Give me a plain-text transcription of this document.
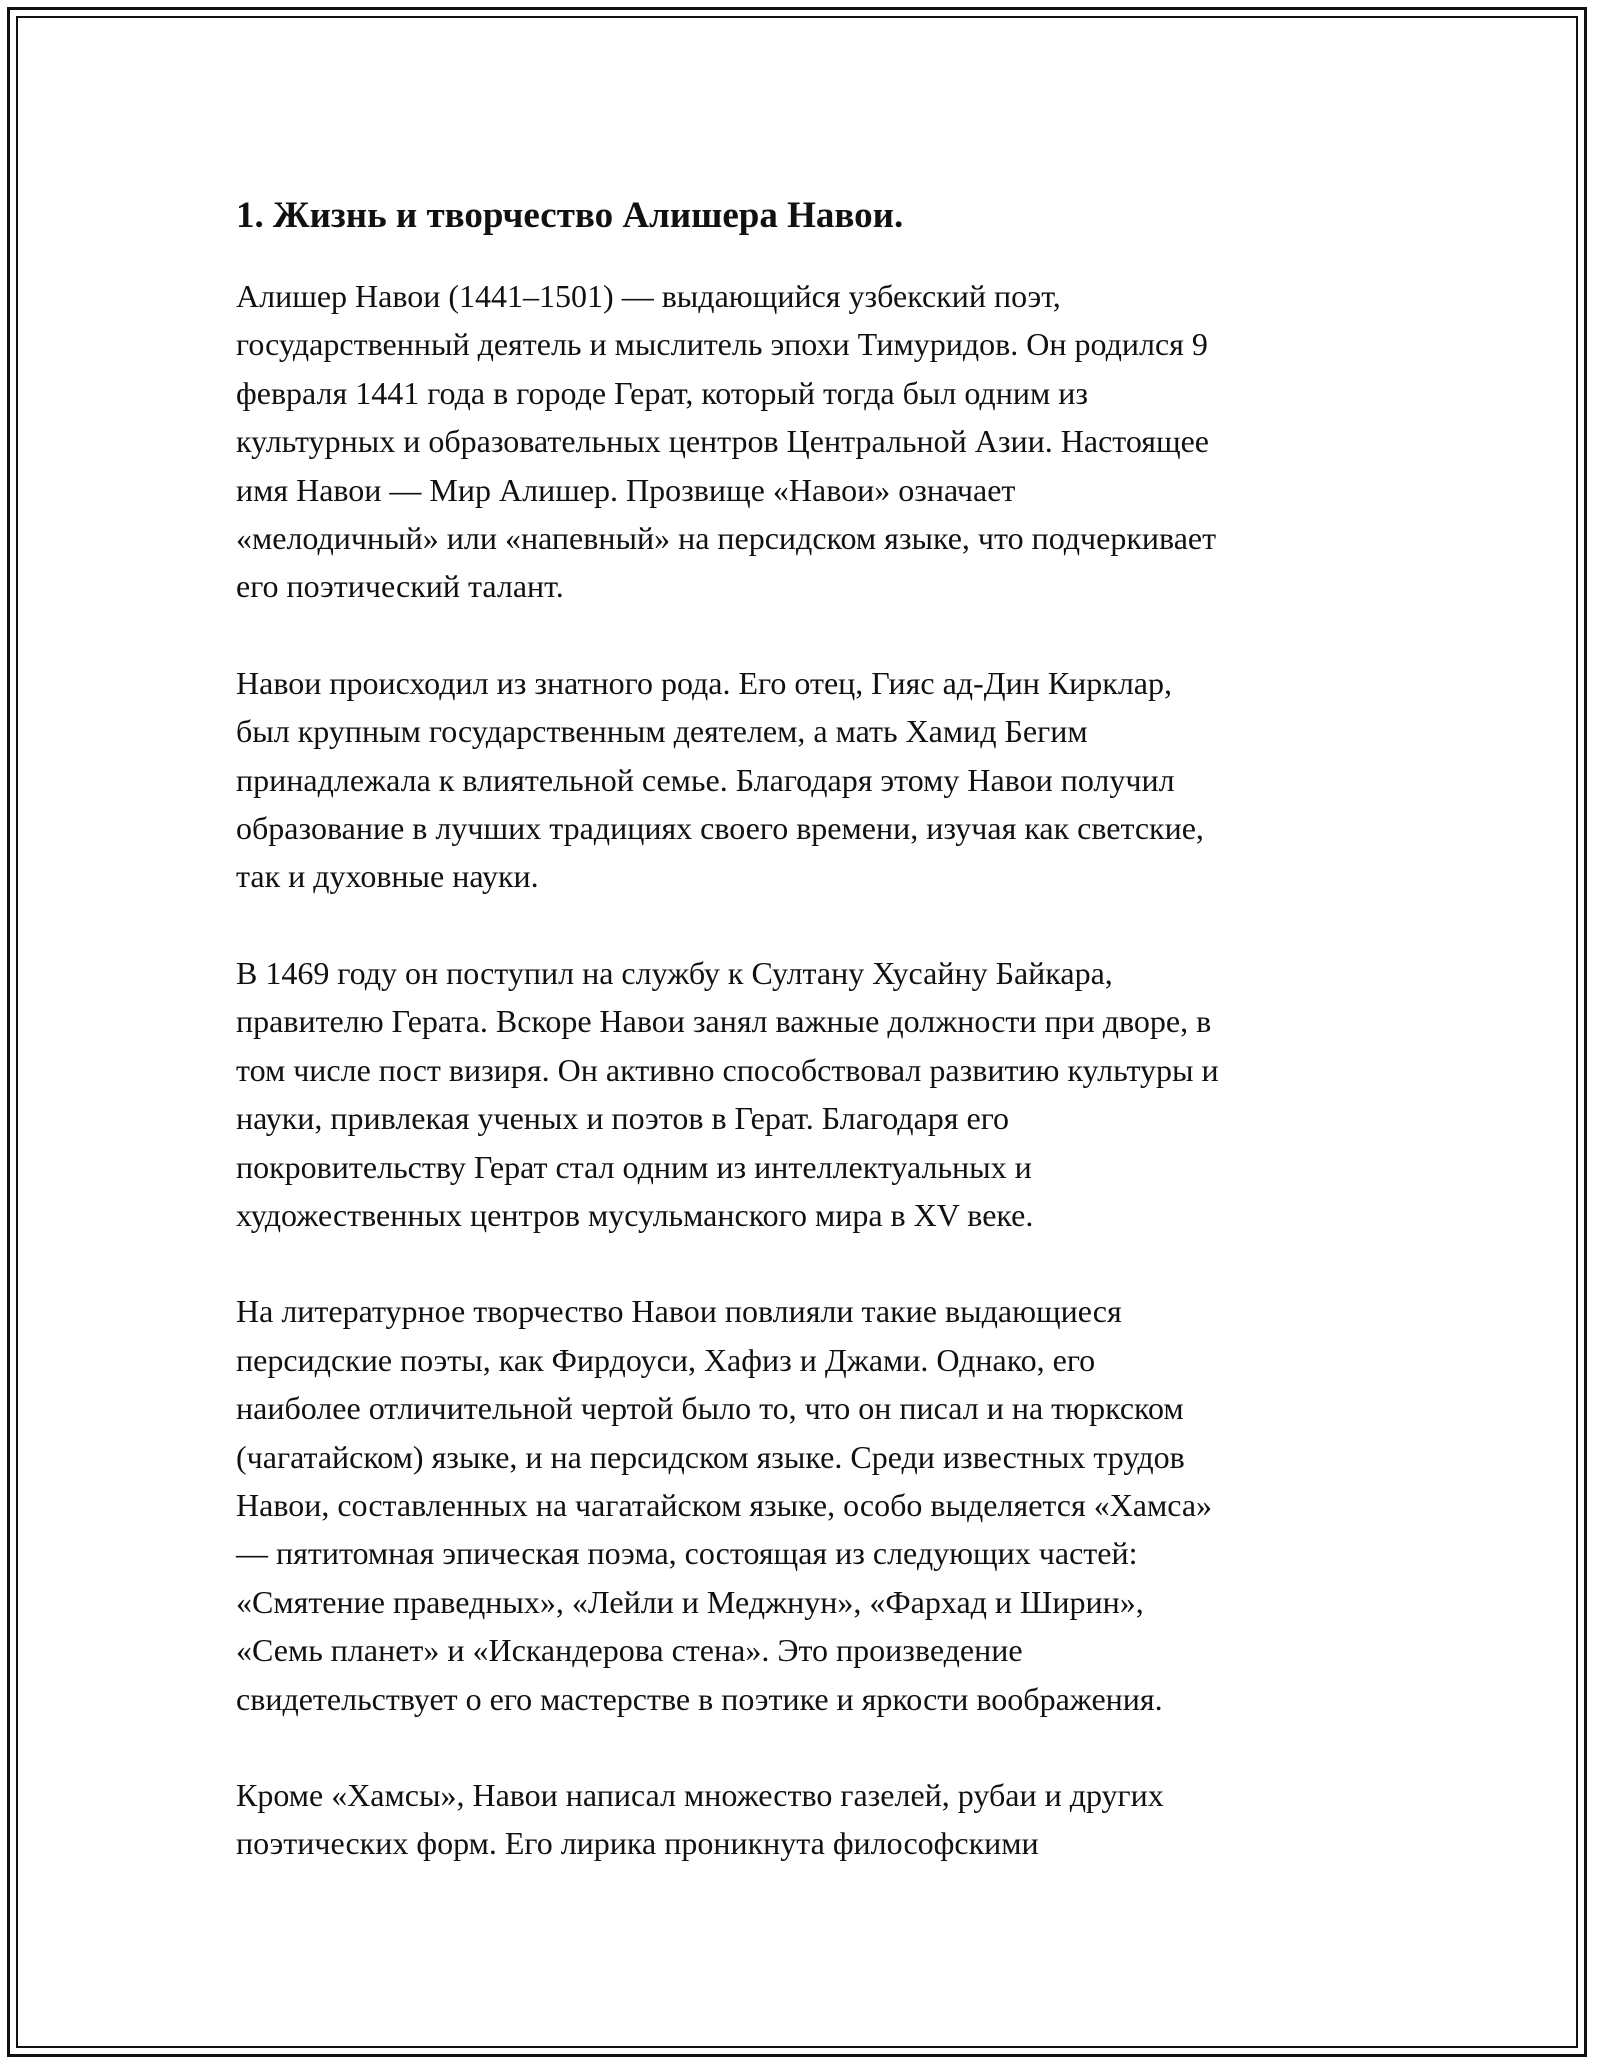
1. Жизнь и творчество Алишера Навои.

Алишер Навои (1441–1501) — выдающийся узбекский поэт,
государственный деятель и мыслитель эпохи Тимуридов. Он родился 9
февраля 1441 года в городе Герат, который тогда был одним из
культурных и образовательных центров Центральной Азии. Настоящее
имя Навои — Мир Алишер. Прозвище «Навои» означает
«мелодичный» или «напевный» на персидском языке, что подчеркивает
его поэтический талант.

Навои происходил из знатного рода. Его отец, Гияс ад-Дин Кирклар,
был крупным государственным деятелем, а мать Хамид Бегим
принадлежала к влиятельной семье. Благодаря этому Навои получил
образование в лучших традициях своего времени, изучая как светские,
так и духовные науки.

В 1469 году он поступил на службу к Султану Хусайну Байкара,
правителю Герата. Вскоре Навои занял важные должности при дворе, в
том числе пост визиря. Он активно способствовал развитию культуры и
науки, привлекая ученых и поэтов в Герат. Благодаря его
покровительству Герат стал одним из интеллектуальных и
художественных центров мусульманского мира в XV веке.

На литературное творчество Навои повлияли такие выдающиеся
персидские поэты, как Фирдоуси, Хафиз и Джами. Однако, его
наиболее отличительной чертой было то, что он писал и на тюркском
(чагатайском) языке, и на персидском языке. Среди известных трудов
Навои, составленных на чагатайском языке, особо выделяется «Хамса»
— пятитомная эпическая поэма, состоящая из следующих частей:
«Смятение праведных», «Лейли и Меджнун», «Фархад и Ширин»,
«Семь планет» и «Искандерова стена». Это произведение
свидетельствует о его мастерстве в поэтике и яркости воображения.

Кроме «Хамсы», Навои написал множество газелей, рубаи и других
поэтических форм. Его лирика проникнута философскими
